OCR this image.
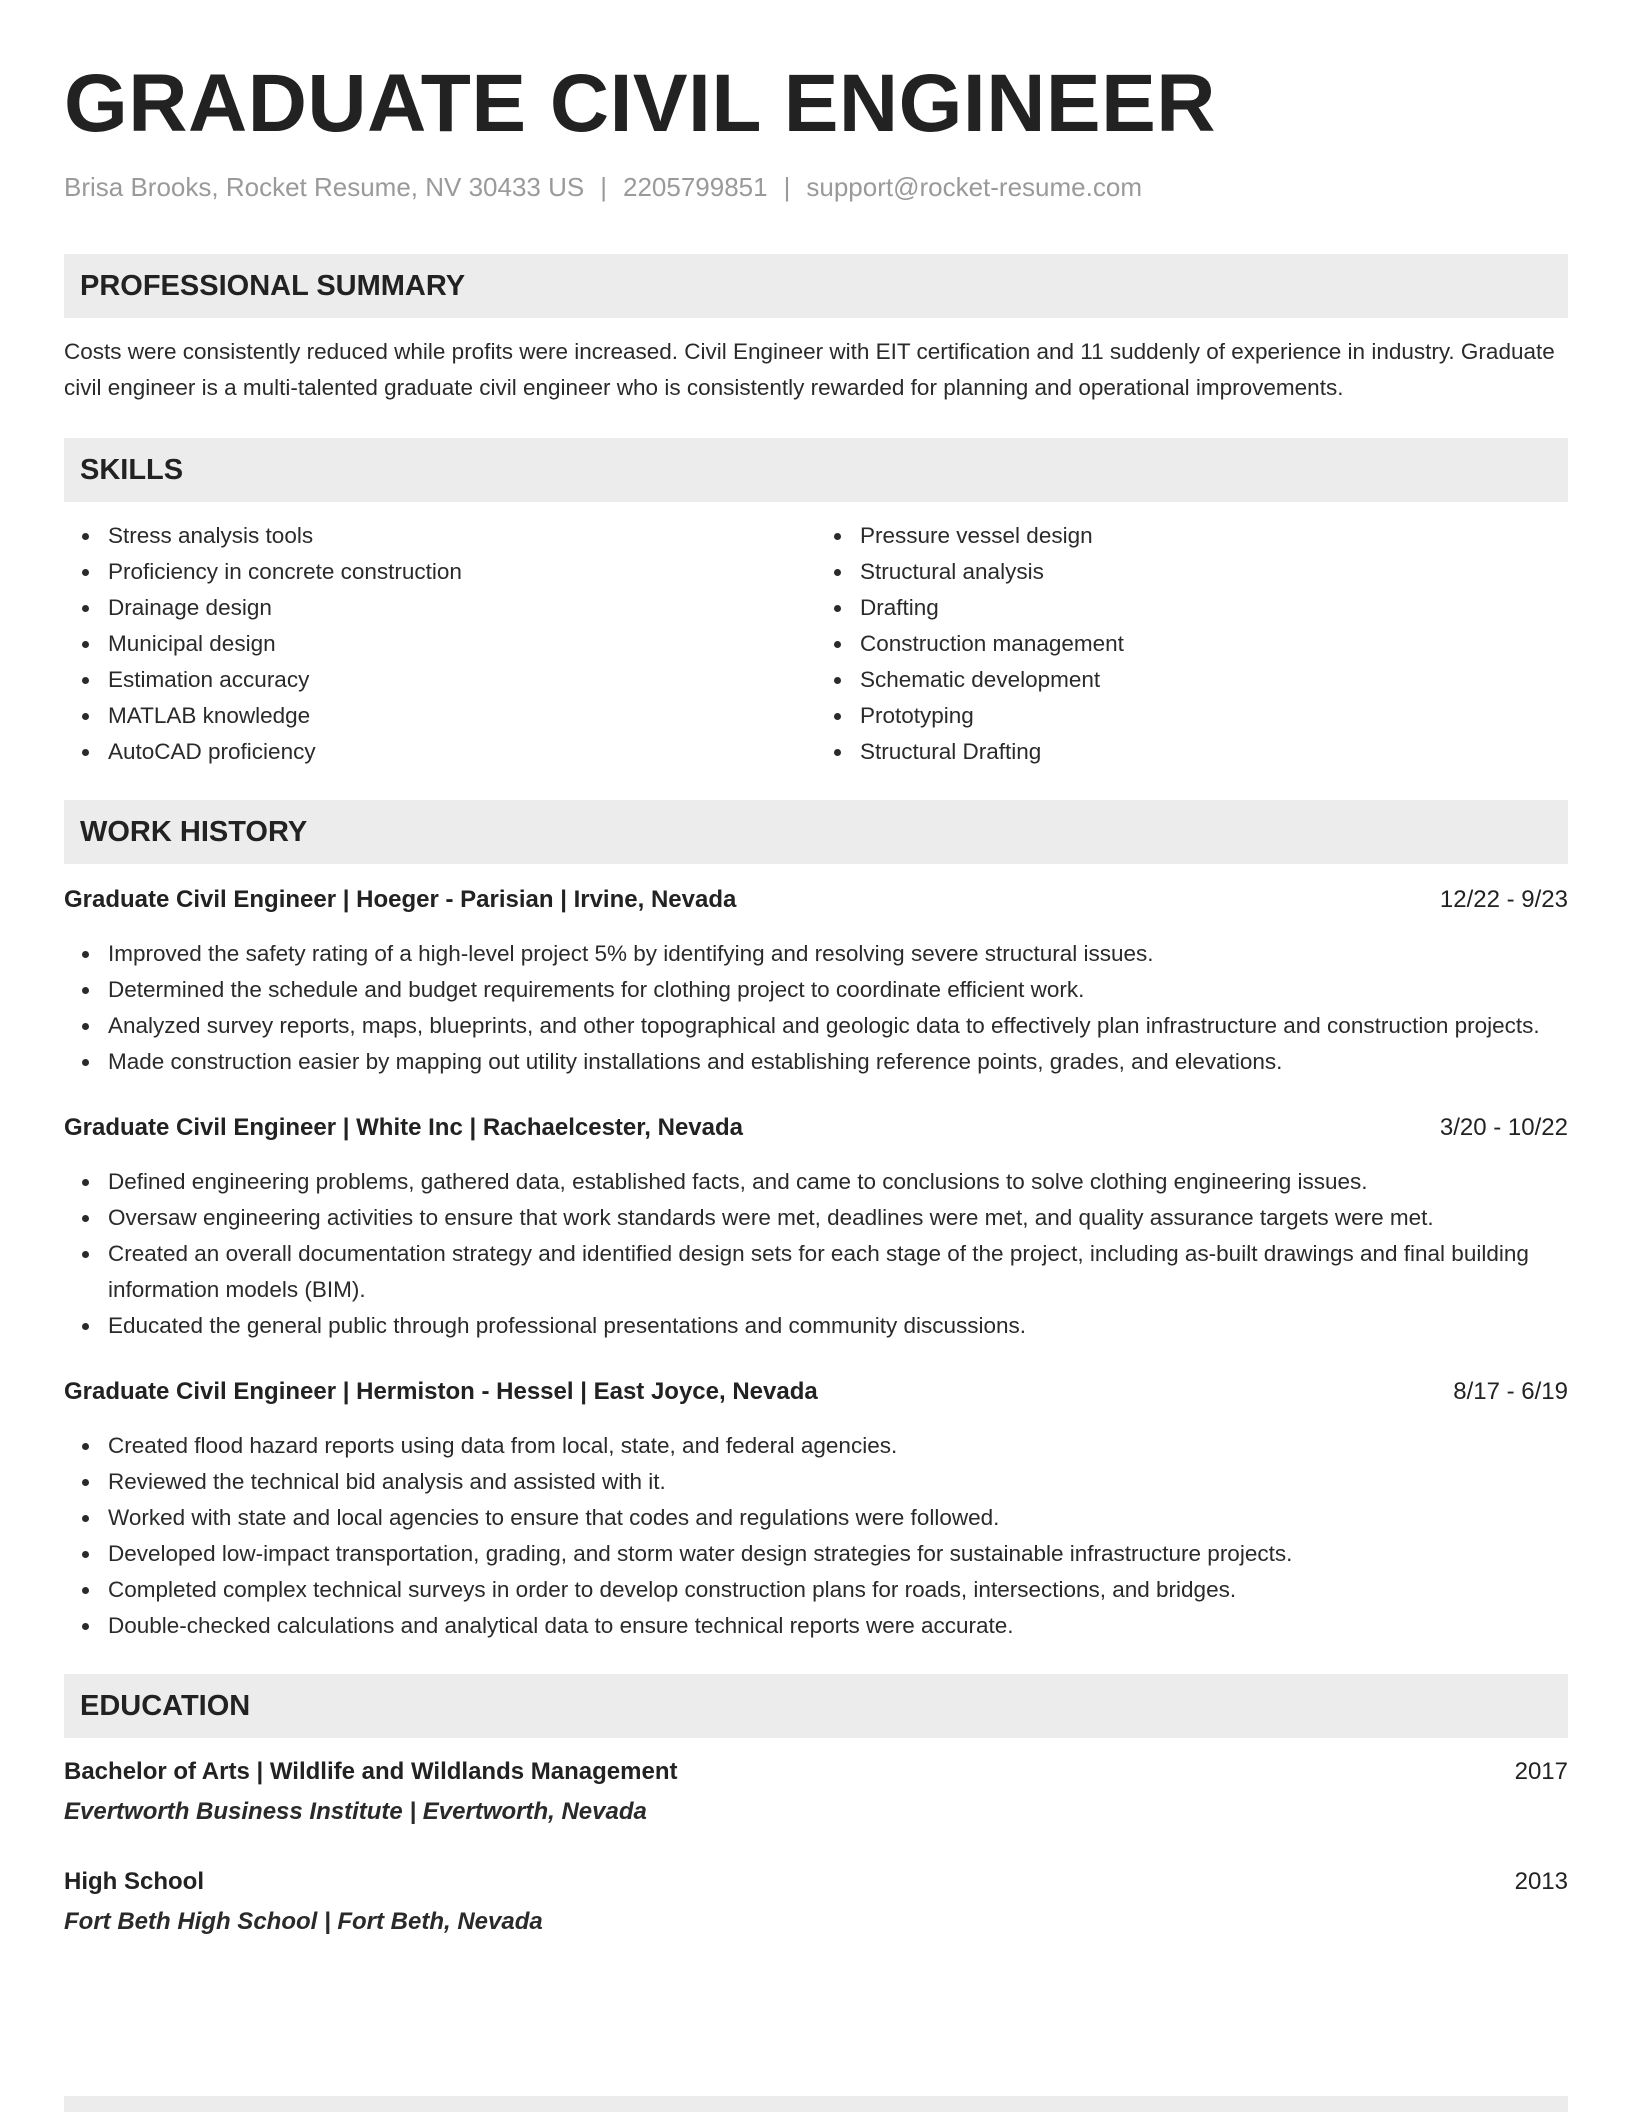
GRADUATE CIVIL ENGINEER
Brisa Brooks, Rocket Resume, NV 30433 US | 2205799851 | support@rocket-resume.com
PROFESSIONAL SUMMARY
Costs were consistently reduced while profits were increased. Civil Engineer with EIT certification and 11 suddenly of experience in industry. Graduate civil engineer is a multi-talented graduate civil engineer who is consistently rewarded for planning and operational improvements.
SKILLS
Stress analysis tools
Proficiency in concrete construction
Drainage design
Municipal design
Estimation accuracy
MATLAB knowledge
AutoCAD proficiency
Pressure vessel design
Structural analysis
Drafting
Construction management
Schematic development
Prototyping
Structural Drafting
WORK HISTORY
Graduate Civil Engineer | Hoeger - Parisian | Irvine, Nevada	12/22 - 9/23
Improved the safety rating of a high-level project 5% by identifying and resolving severe structural issues.
Determined the schedule and budget requirements for clothing project to coordinate efficient work.
Analyzed survey reports, maps, blueprints, and other topographical and geologic data to effectively plan infrastructure and construction projects.
Made construction easier by mapping out utility installations and establishing reference points, grades, and elevations.
Graduate Civil Engineer | White Inc | Rachaelcester, Nevada	3/20 - 10/22
Defined engineering problems, gathered data, established facts, and came to conclusions to solve clothing engineering issues.
Oversaw engineering activities to ensure that work standards were met, deadlines were met, and quality assurance targets were met.
Created an overall documentation strategy and identified design sets for each stage of the project, including as-built drawings and final building information models (BIM).
Educated the general public through professional presentations and community discussions.
Graduate Civil Engineer | Hermiston - Hessel | East Joyce, Nevada	8/17 - 6/19
Created flood hazard reports using data from local, state, and federal agencies.
Reviewed the technical bid analysis and assisted with it.
Worked with state and local agencies to ensure that codes and regulations were followed.
Developed low-impact transportation, grading, and storm water design strategies for sustainable infrastructure projects.
Completed complex technical surveys in order to develop construction plans for roads, intersections, and bridges.
Double-checked calculations and analytical data to ensure technical reports were accurate.
EDUCATION
Bachelor of Arts | Wildlife and Wildlands Management	2017
Evertworth Business Institute | Evertworth, Nevada
High School	2013
Fort Beth High School | Fort Beth, Nevada
